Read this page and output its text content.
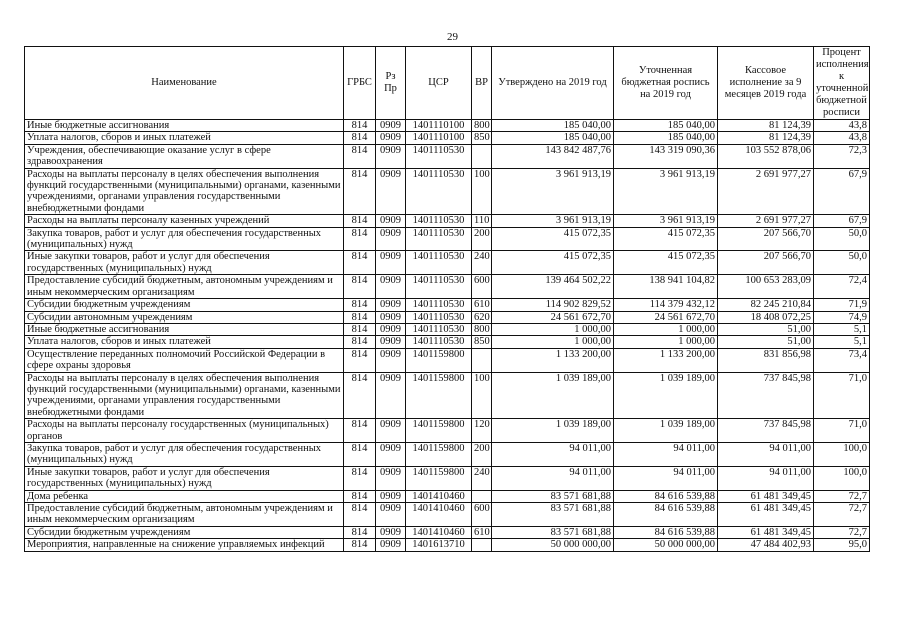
29
Наименование	ГРБС	Рз Пр	ЦСР	ВР	Утверждено на 2019 год	Уточненная бюджетная роспись на 2019 год	Кассовое исполнение за 9 месяцев 2019 года	Процент исполнения к уточненной бюджетной росписи
Иные бюджетные ассигнования	814	0909	1401110100	800	185 040,00	185 040,00	81 124,39	43,8
Уплата налогов, сборов и иных платежей	814	0909	1401110100	850	185 040,00	185 040,00	81 124,39	43,8
Учреждения, обеспечивающие оказание услуг в сфере здравоохранения	814	0909	1401110530		143 842 487,76	143 319 090,36	103 552 878,06	72,3
Расходы на выплаты персоналу в целях обеспечения выполнения функций государственными (муниципальными) органами, казенными учреждениями, органами управления государственными внебюджетными фондами	814	0909	1401110530	100	3 961 913,19	3 961 913,19	2 691 977,27	67,9
Расходы на выплаты персоналу казенных учреждений	814	0909	1401110530	110	3 961 913,19	3 961 913,19	2 691 977,27	67,9
Закупка товаров, работ и услуг для обеспечения государственных (муниципальных) нужд	814	0909	1401110530	200	415 072,35	415 072,35	207 566,70	50,0
Иные закупки товаров, работ и услуг для обеспечения государственных (муниципальных) нужд	814	0909	1401110530	240	415 072,35	415 072,35	207 566,70	50,0
Предоставление субсидий бюджетным, автономным учреждениям и иным некоммерческим организациям	814	0909	1401110530	600	139 464 502,22	138 941 104,82	100 653 283,09	72,4
Субсидии бюджетным учреждениям	814	0909	1401110530	610	114 902 829,52	114 379 432,12	82 245 210,84	71,9
Субсидии автономным учреждениям	814	0909	1401110530	620	24 561 672,70	24 561 672,70	18 408 072,25	74,9
Иные бюджетные ассигнования	814	0909	1401110530	800	1 000,00	1 000,00	51,00	5,1
Уплата налогов, сборов и иных платежей	814	0909	1401110530	850	1 000,00	1 000,00	51,00	5,1
Осуществление переданных полномочий Российской Федерации в сфере охраны здоровья	814	0909	1401159800		1 133 200,00	1 133 200,00	831 856,98	73,4
Расходы на выплаты персоналу в целях обеспечения выполнения функций государственными (муниципальными) органами, казенными учреждениями, органами управления государственными внебюджетными фондами	814	0909	1401159800	100	1 039 189,00	1 039 189,00	737 845,98	71,0
Расходы на выплаты персоналу государственных (муниципальных) органов	814	0909	1401159800	120	1 039 189,00	1 039 189,00	737 845,98	71,0
Закупка товаров, работ и услуг для обеспечения государственных (муниципальных) нужд	814	0909	1401159800	200	94 011,00	94 011,00	94 011,00	100,0
Иные закупки товаров, работ и услуг для обеспечения государственных (муниципальных) нужд	814	0909	1401159800	240	94 011,00	94 011,00	94 011,00	100,0
Дома ребенка	814	0909	1401410460		83 571 681,88	84 616 539,88	61 481 349,45	72,7
Предоставление субсидий бюджетным, автономным учреждениям и иным некоммерческим организациям	814	0909	1401410460	600	83 571 681,88	84 616 539,88	61 481 349,45	72,7
Субсидии бюджетным учреждениям	814	0909	1401410460	610	83 571 681,88	84 616 539,88	61 481 349,45	72,7
Мероприятия, направленные на снижение управляемых инфекций	814	0909	1401613710		50 000 000,00	50 000 000,00	47 484 402,93	95,0
